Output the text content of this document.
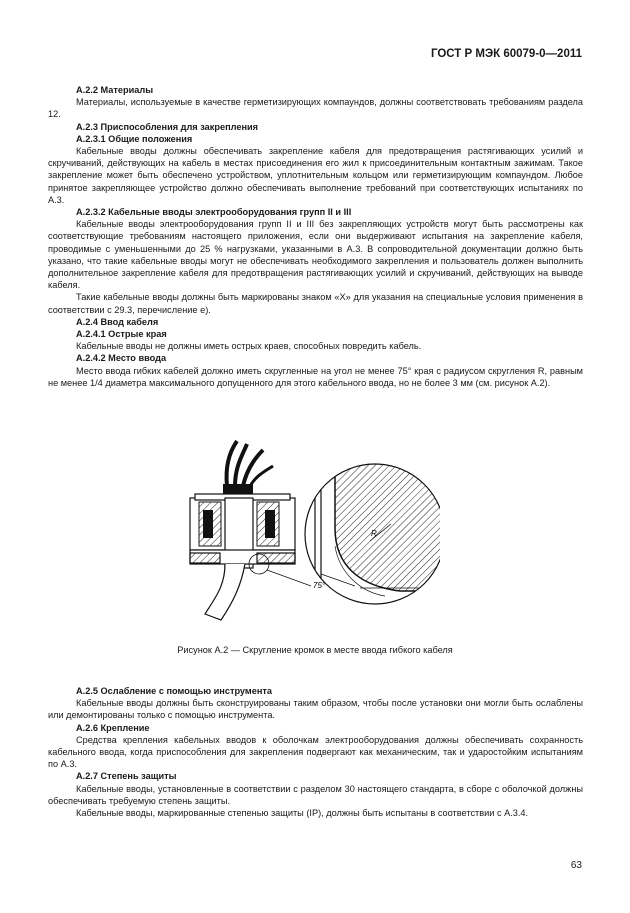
ГОСТ Р МЭК 60079-0—2011

А.2.2 Материалы

Материалы, используемые в качестве герметизирующих компаундов, должны соответствовать требованиям раздела 12.

А.2.3 Приспособления для закрепления

А.2.3.1 Общие положения

Кабельные вводы должны обеспечивать закрепление кабеля для предотвращения растягивающих усилий и скручиваний, действующих на кабель в местах присоединения его жил к присоединительным контактным зажимам. Такое закрепление может быть обеспечено устройством, уплотнительным кольцом или герметизирующим компаундом. Любое принятое закрепляющее устройство должно обеспечивать выполнение требований при соответствующих испытаниях по А.3.

А.2.3.2 Кабельные вводы электрооборудования групп II и III

Кабельные вводы электрооборудования групп II и III без закрепляющих устройств могут быть рассмотрены как соответствующие требованиям настоящего приложения, если они выдерживают испытания на закрепление кабеля, проводимые с уменьшенными до 25 % нагрузками, указанными в А.3. В сопроводительной документации должно быть указано, что такие кабельные вводы могут не обеспечивать необходимого закрепления и пользователь должен выполнить дополнительное закрепление кабеля для предотвращения растягивающих усилий и скручиваний, действующих на выводе кабеля.

Такие кабельные вводы должны быть маркированы знаком «X» для указания на специальные условия применения в соответствии с 29.3, перечисление е).

А.2.4 Ввод кабеля

А.2.4.1 Острые края

Кабельные вводы не должны иметь острых краев, способных повредить кабель.

А.2.4.2 Место ввода

Место ввода гибких кабелей должно иметь скругленные на угол не менее 75° края с радиусом скругления R, равным не менее 1/4 диаметра максимального допущенного для этого кабельного ввода, но не более 3 мм (см. рисунок А.2).

R
75°
Рисунок А.2 — Скругление кромок в месте ввода гибкого кабеля

А.2.5 Ослабление с помощью инструмента

Кабельные вводы должны быть сконструированы таким образом, чтобы после установки они могли быть ослаблены или демонтированы только с помощью инструмента.

А.2.6 Крепление

Средства крепления кабельных вводов к оболочкам электрооборудования должны обеспечивать сохранность кабельного ввода, когда приспособления для закрепления подвергают как механическим, так и ударостойким испытаниям по А.3.

А.2.7 Степень защиты

Кабельные вводы, установленные в соответствии с разделом 30 настоящего стандарта, в сборе с оболочкой должны обеспечивать требуемую степень защиты.

Кабельные вводы, маркированные степенью защиты (IP), должны быть испытаны в соответствии с А.3.4.

63
